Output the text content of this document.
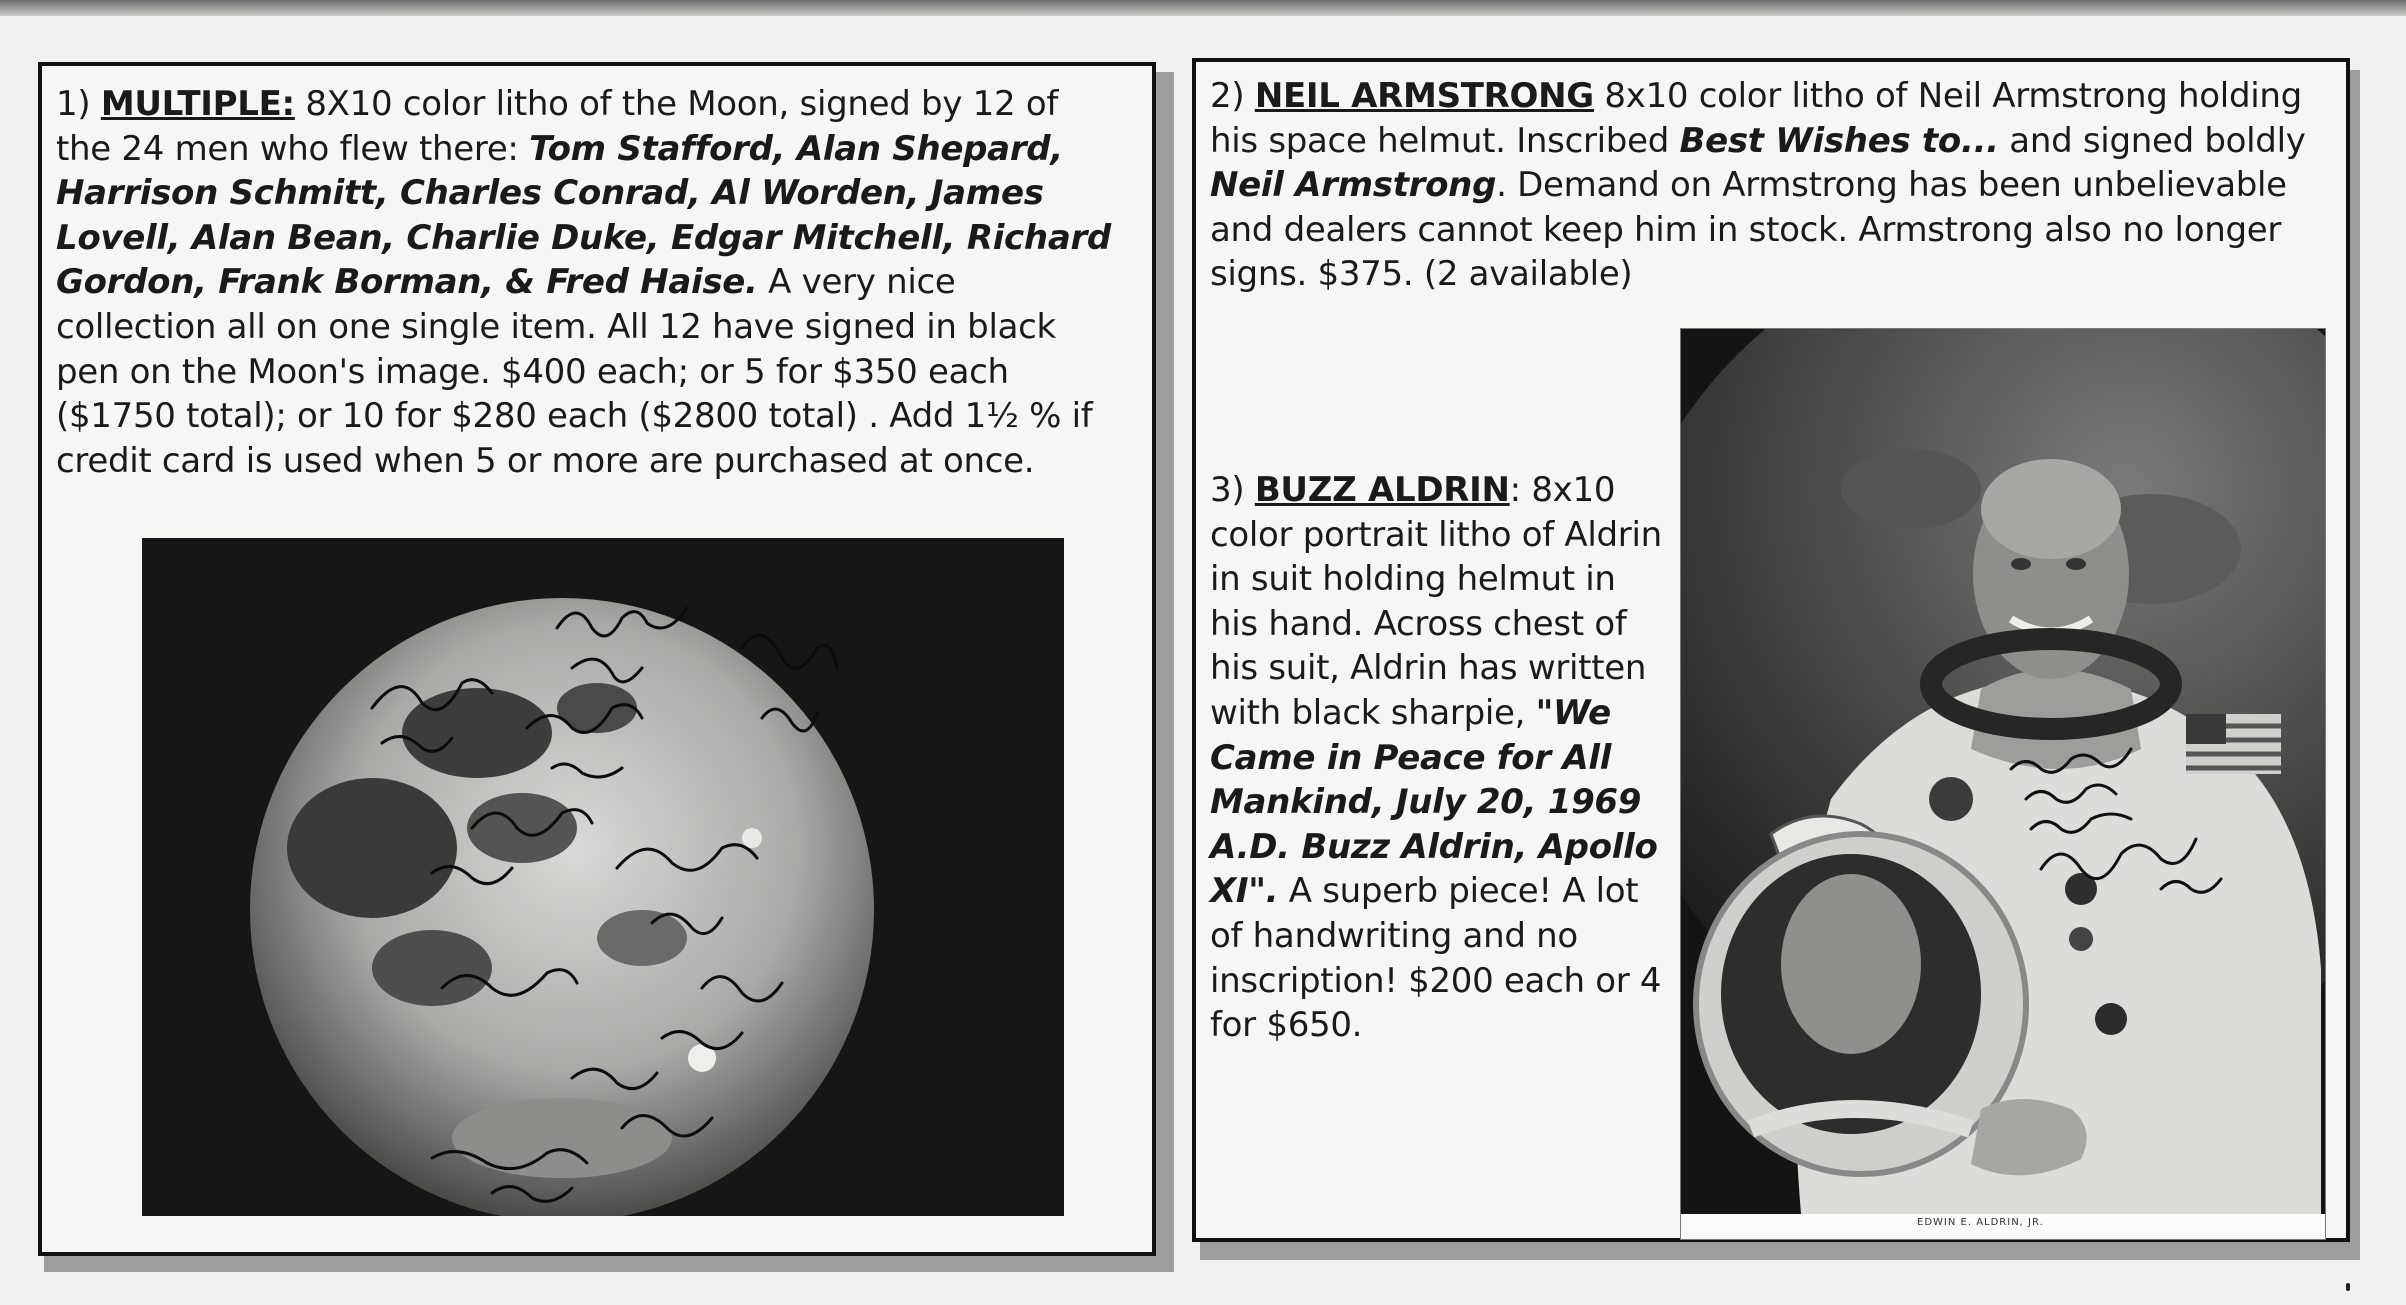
1) MULTIPLE: 8X10 color litho of the Moon, signed by 12 of the 24 men who flew there: Tom Stafford, Alan Shepard, Harrison Schmitt, Charles Conrad, Al Worden, James Lovell, Alan Bean, Charlie Duke, Edgar Mitchell, Richard Gordon, Frank Borman, & Fred Haise. A very nice collection all on one single item. All 12 have signed in black pen on the Moon's image. $400 each; or 5 for $350 each ($1750 total); or 10 for $280 each ($2800 total) . Add 1½ % if credit card is used when 5 or more are purchased at once.

2) NEIL ARMSTRONG 8x10 color litho of Neil Armstrong holding his space helmut. Inscribed Best Wishes to... and signed boldly Neil Armstrong. Demand on Armstrong has been unbelievable and dealers cannot keep him in stock. Armstrong also no longer signs. $375. (2 available)

3) BUZZ ALDRIN: 8x10 color portrait litho of Aldrin in suit holding helmut in his hand. Across chest of his suit, Aldrin has written with black sharpie, "We Came in Peace for All Mankind, July 20, 1969 A.D. Buzz Aldrin, Apollo XI". A superb piece! A lot of handwriting and no inscription! $200 each or 4 for $650.

EDWIN E. ALDRIN, JR.
